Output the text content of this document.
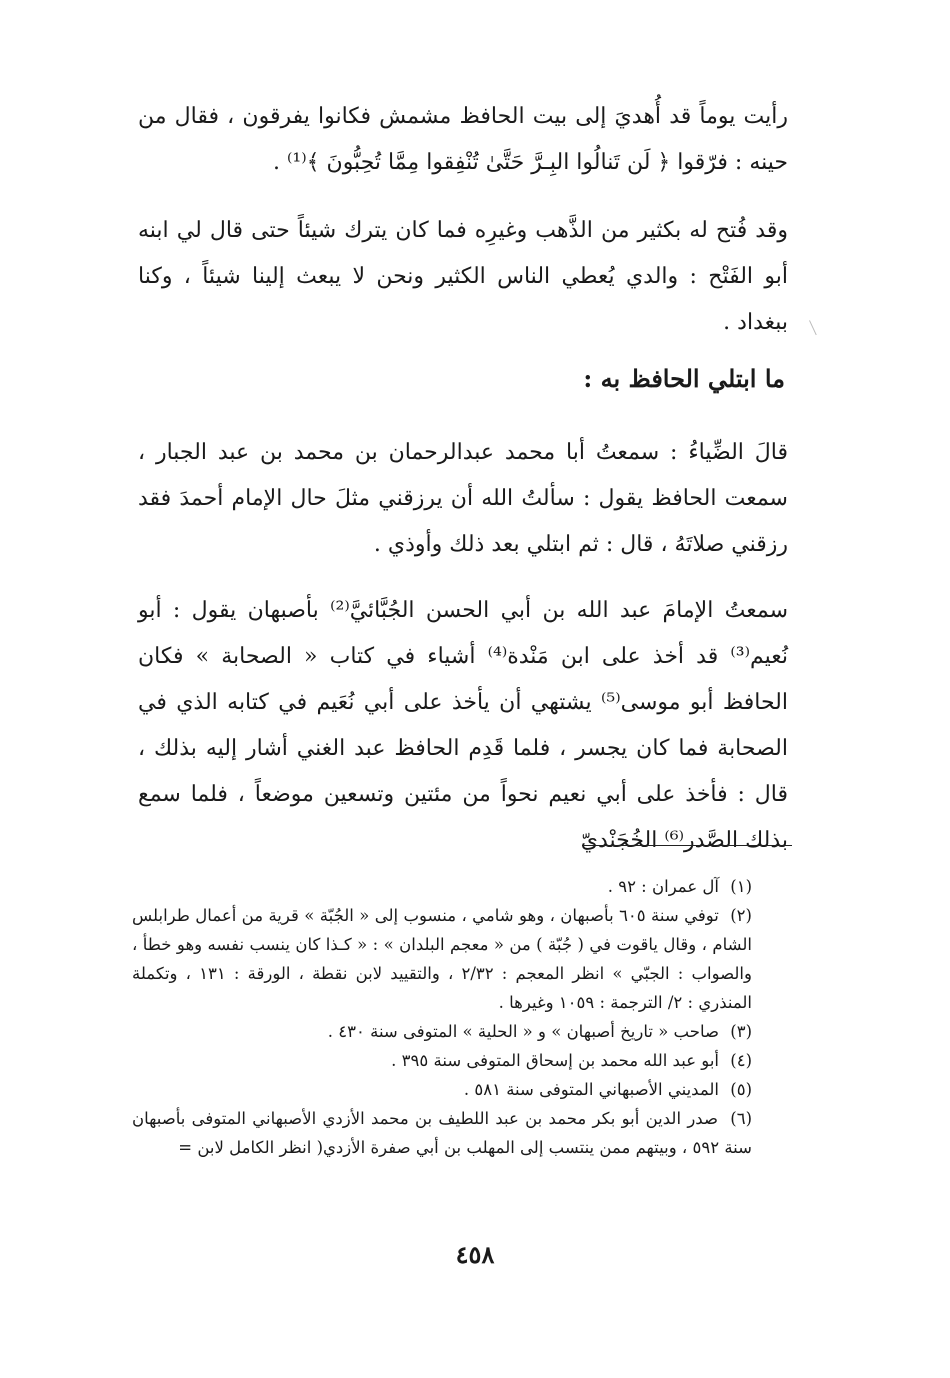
رأيت يوماً قد أُهديَ إلى بيت الحافظ مشمش فكانوا يفرقون ، فقال من حينه : فرّقوا ﴿ لَن تَنالُوا البِـرَّ حَتَّىٰ تُنْفِقوا مِمَّا تُحِبُّونَ ﴾⁽¹⁾ .

وقد فُتح له بكثير من الذَّهب وغيرِه فما كان يترك شيئاً حتى قال لي ابنه أبو الفَتْح : والدي يُعطي الناس الكثير ونحن لا يبعث إلينا شيئاً ، وكنا ببغداد .

ما ابتلي الحافظ به :

قالَ الضِّياءُ : سمعتُ أبا محمد عبدالرحمان بن محمد بن عبد الجبار ، سمعت الحافظ يقول : سألتُ الله أن يرزقني مثلَ حال الإمام أحمدَ فقد رزقني صلاتَهُ ، قال : ثم ابتلي بعد ذلك وأوذي .

سمعتُ الإمامَ عبد الله بن أبي الحسن الجُبَّائيَّ⁽²⁾ بأصبهان يقول : أبو نُعيم⁽³⁾ قد أخذ على ابن مَنْدة⁽⁴⁾ أشياء في كتاب « الصحابة » فكان الحافظ أبو موسى⁽⁵⁾ يشتهي أن يأخذ على أبي نُعَيم في كتابه الذي في الصحابة فما كان يجسر ، فلما قَدِم الحافظ عبد الغني أشار إليه بذلك ، قال : فأخذ على أبي نعيم نحواً من مئتين وتسعين موضعاً ، فلما سمع بذلك الصَّدر⁽⁶⁾ الخُجَنْديّ

(١) آل عمران : ٩٢ .

(٢) توفي سنة ٦٠٥ بأصبهان ، وهو شامي ، منسوب إلى « الجُبّة » قرية من أعمال طرابلس الشام ، وقال ياقوت في ( جُبّة ) من « معجم البلدان » : « كـذا كان ينسب نفسه وهو خطأ ، والصواب : الجبّي » انظر المعجم : ٢/٣٢ ، والتقييد لابن نقطة ، الورقة : ١٣١ ، وتكملة المنذري : ٢/ الترجمة : ١٠٥٩ وغيرها .

(٣) صاحب « تاريخ أصبهان » و « الحلية » المتوفى سنة ٤٣٠ .

(٤) أبو عبد الله محمد بن إسحاق المتوفى سنة ٣٩٥ .

(٥) المديني الأصبهاني المتوفى سنة ٥٨١ .

(٦) صدر الدين أبو بكر محمد بن عبد اللطيف بن محمد الأزدي الأصبهاني المتوفى بأصبهان سنة ٥٩٢ ، وبيتهم ممن ينتسب إلى المهلب بن أبي صفرة الأزدي( انظر الكامل لابن =

٤٥٨
